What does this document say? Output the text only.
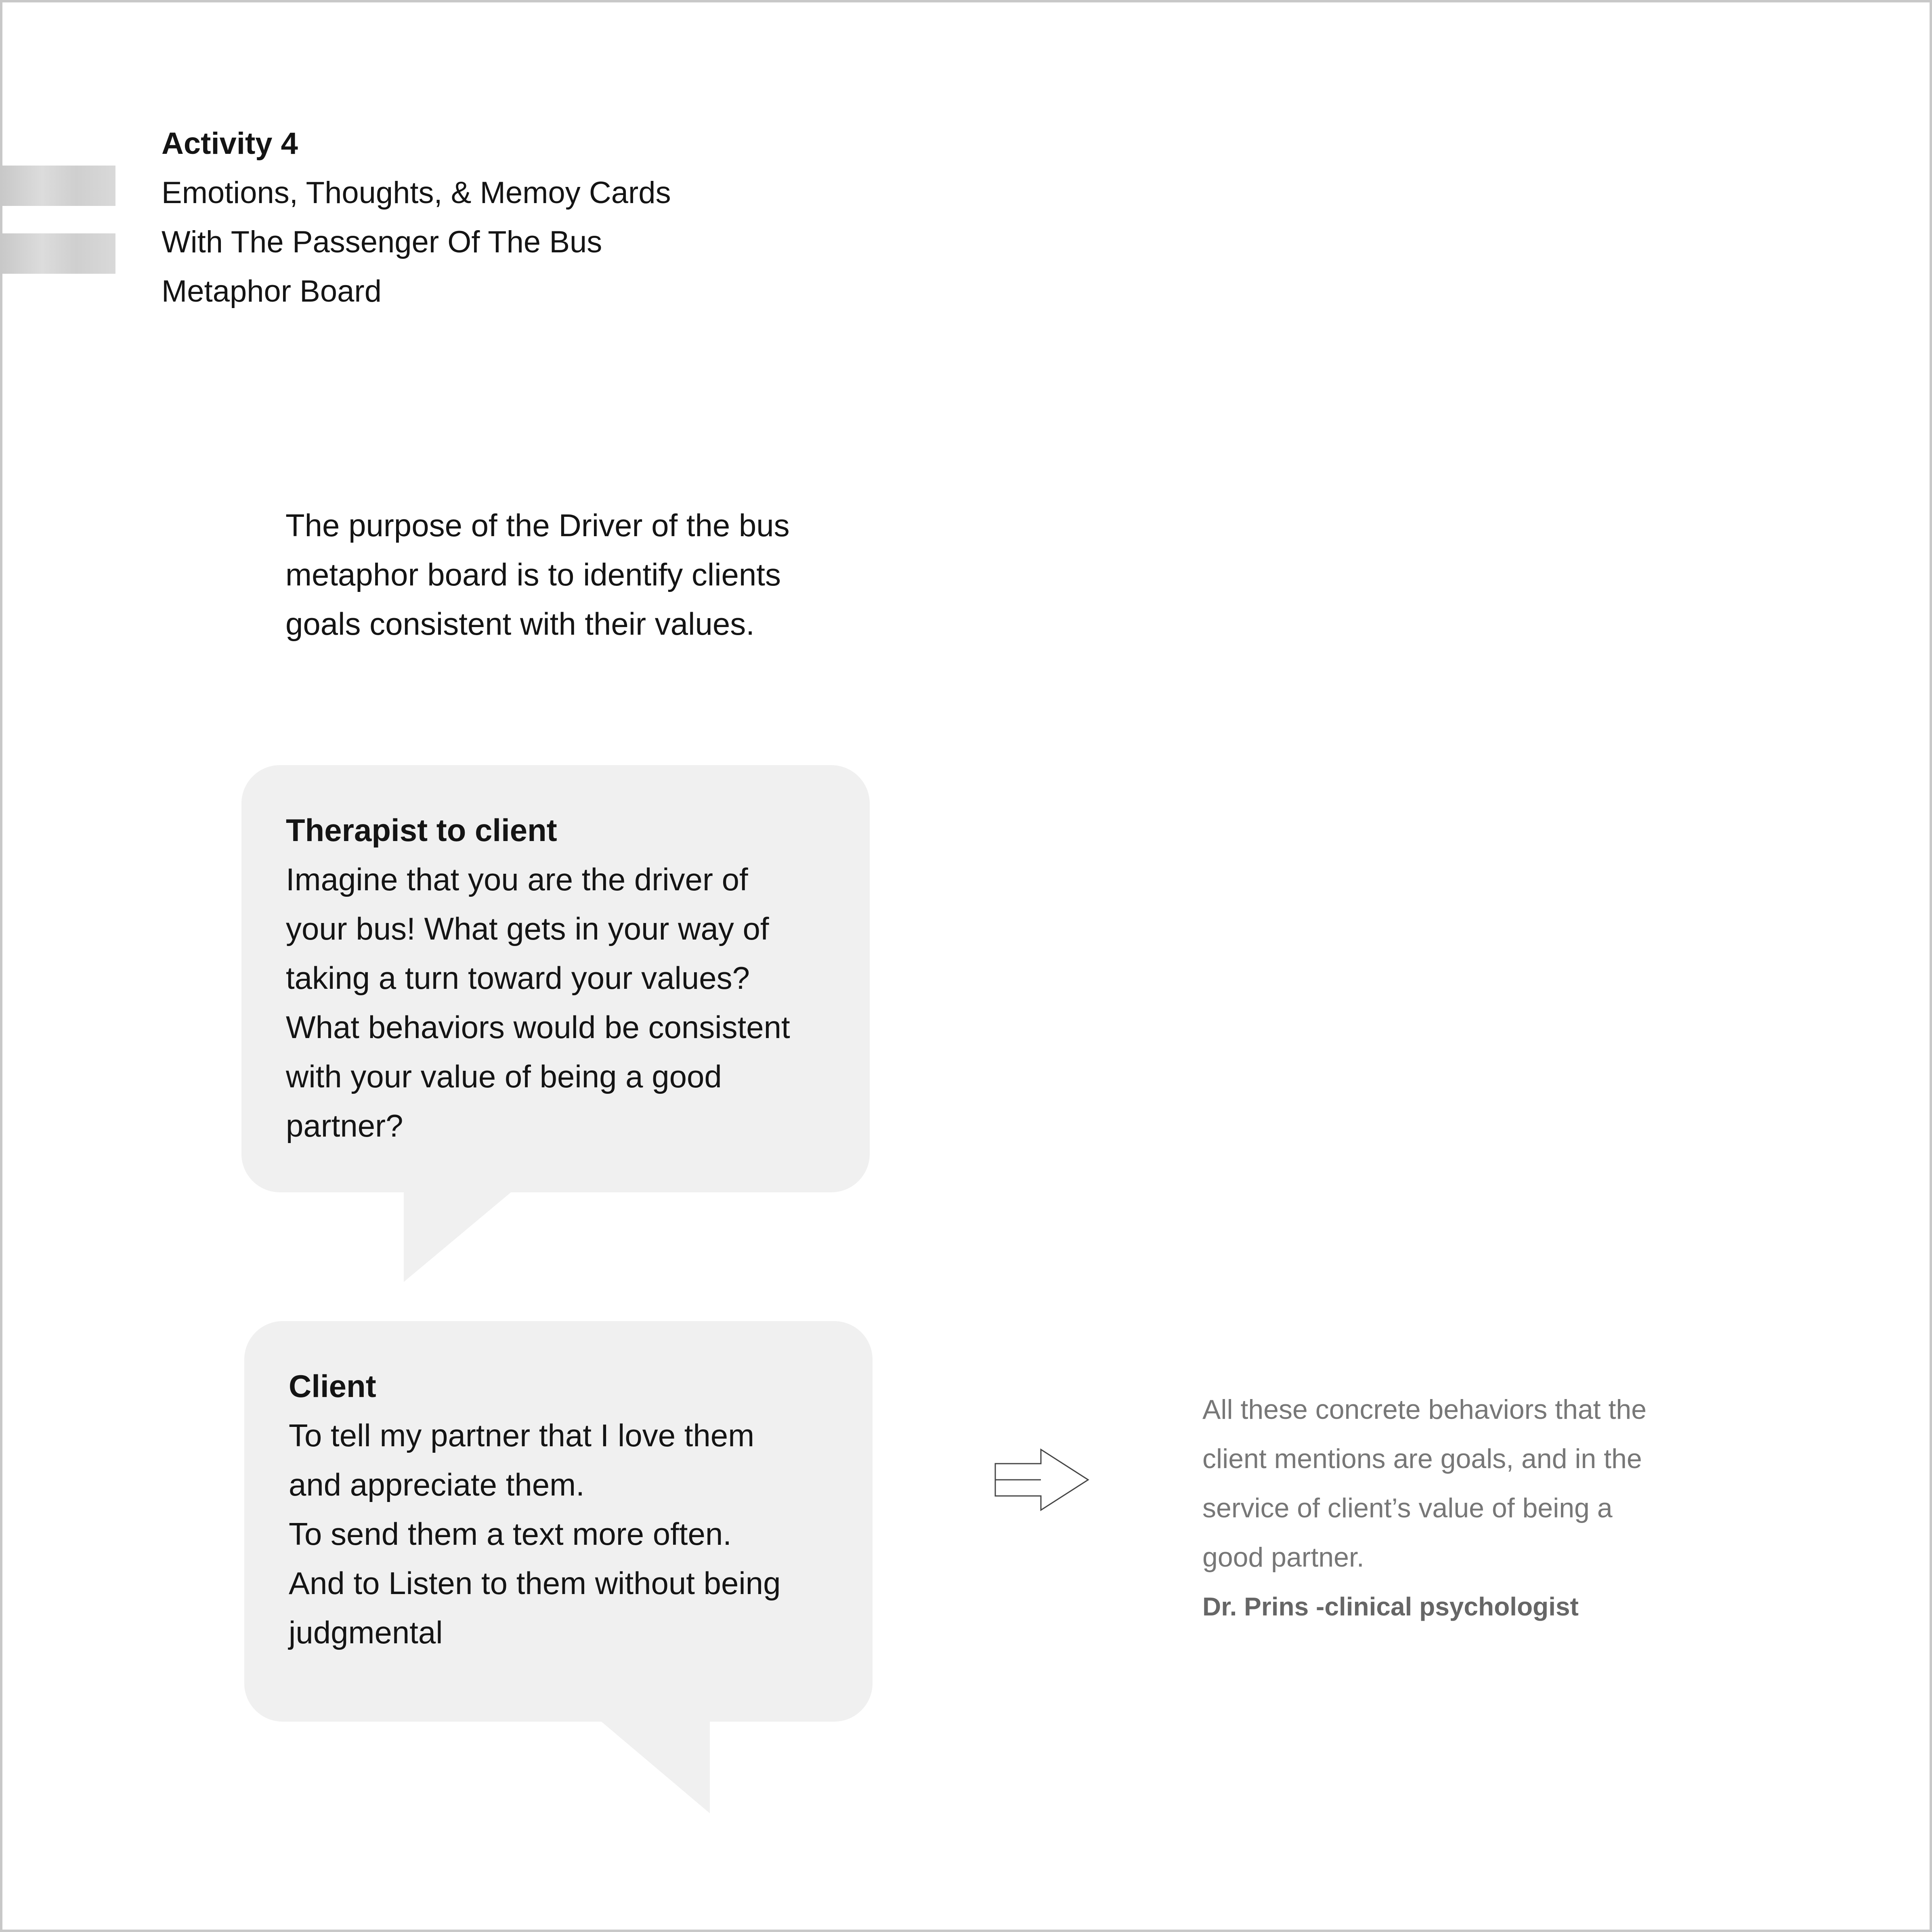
Activity 4
Emotions, Thoughts, & Memoy Cards
With The Passenger Of The Bus
Metaphor Board
The purpose of the Driver of the bus
metaphor board is to identify clients
goals consistent with their values.
Therapist to client
Imagine that you are the driver of
your bus! What gets in your way of
taking a turn toward your values?
What behaviors would be consistent
with your value of being a good
partner?
Client
To tell my partner that I love them
and appreciate them.
To send them a text more often.
And to Listen to them without being
judgmental
All these concrete behaviors that the
client mentions are goals, and in the
service of client’s value of being a
good partner.
Dr. Prins -clinical psychologist
